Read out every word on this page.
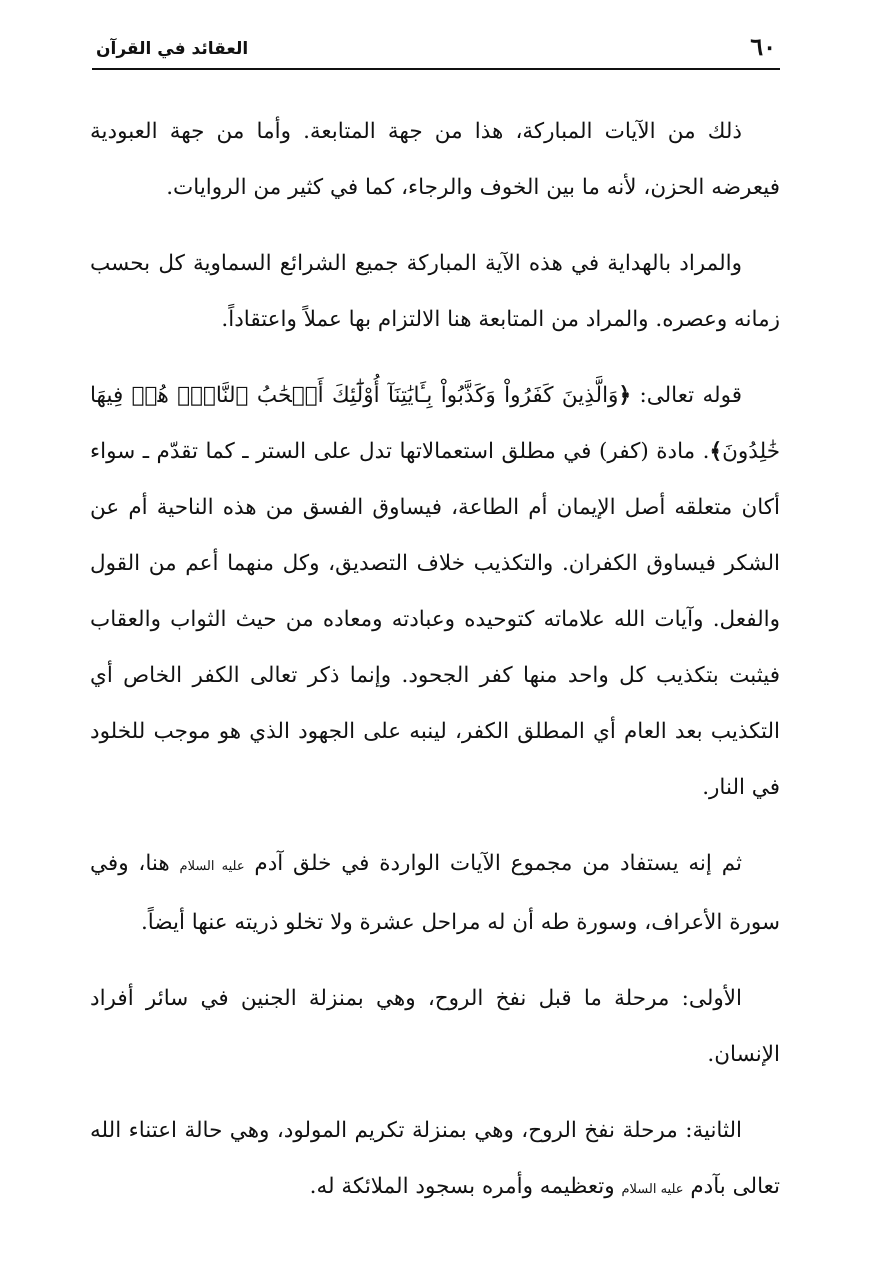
٦٠
العقائد في القرآن

ذلك من الآيات المباركة، هذا من جهة المتابعة. وأما من جهة العبودية فيعرضه الحزن، لأنه ما بين الخوف والرجاء، كما في كثير من الروايات.

والمراد بالهداية في هذه الآية المباركة جميع الشرائع السماوية كل بحسب زمانه وعصره. والمراد من المتابعة هنا الالتزام بها عملاً واعتقاداً.

قوله تعالى: ﴿وَالَّذِينَ كَفَرُواْ وَكَذَّبُواْ بِـَٔايَٰتِنَآ أُوْلَٰٓئِكَ أَصۡحَٰبُ ٱلنَّارِۖ هُمۡ فِيهَا خَٰلِدُونَ﴾. مادة (كفر) في مطلق استعمالاتها تدل على الستر ـ كما تقدّم ـ سواء أكان متعلقه أصل الإيمان أم الطاعة، فيساوق الفسق من هذه الناحية أم عن الشكر فيساوق الكفران. والتكذيب خلاف التصديق، وكل منهما أعم من القول والفعل. وآيات الله علاماته كتوحيده وعبادته ومعاده من حيث الثواب والعقاب فيثبت بتكذيب كل واحد منها كفر الجحود. وإنما ذكر تعالى الكفر الخاص أي التكذيب بعد العام أي المطلق الكفر، لينبه على الجهود الذي هو موجب للخلود في النار.

ثم إنه يستفاد من مجموع الآيات الواردة في خلق آدم عليه السلام هنا، وفي سورة الأعراف، وسورة طه أن له مراحل عشرة ولا تخلو ذريته عنها أيضاً.

الأولى: مرحلة ما قبل نفخ الروح، وهي بمنزلة الجنين في سائر أفراد الإنسان.

الثانية: مرحلة نفخ الروح، وهي بمنزلة تكريم المولود، وهي حالة اعتناء الله تعالى بآدم عليه السلام وتعظيمه وأمره بسجود الملائكة له.
